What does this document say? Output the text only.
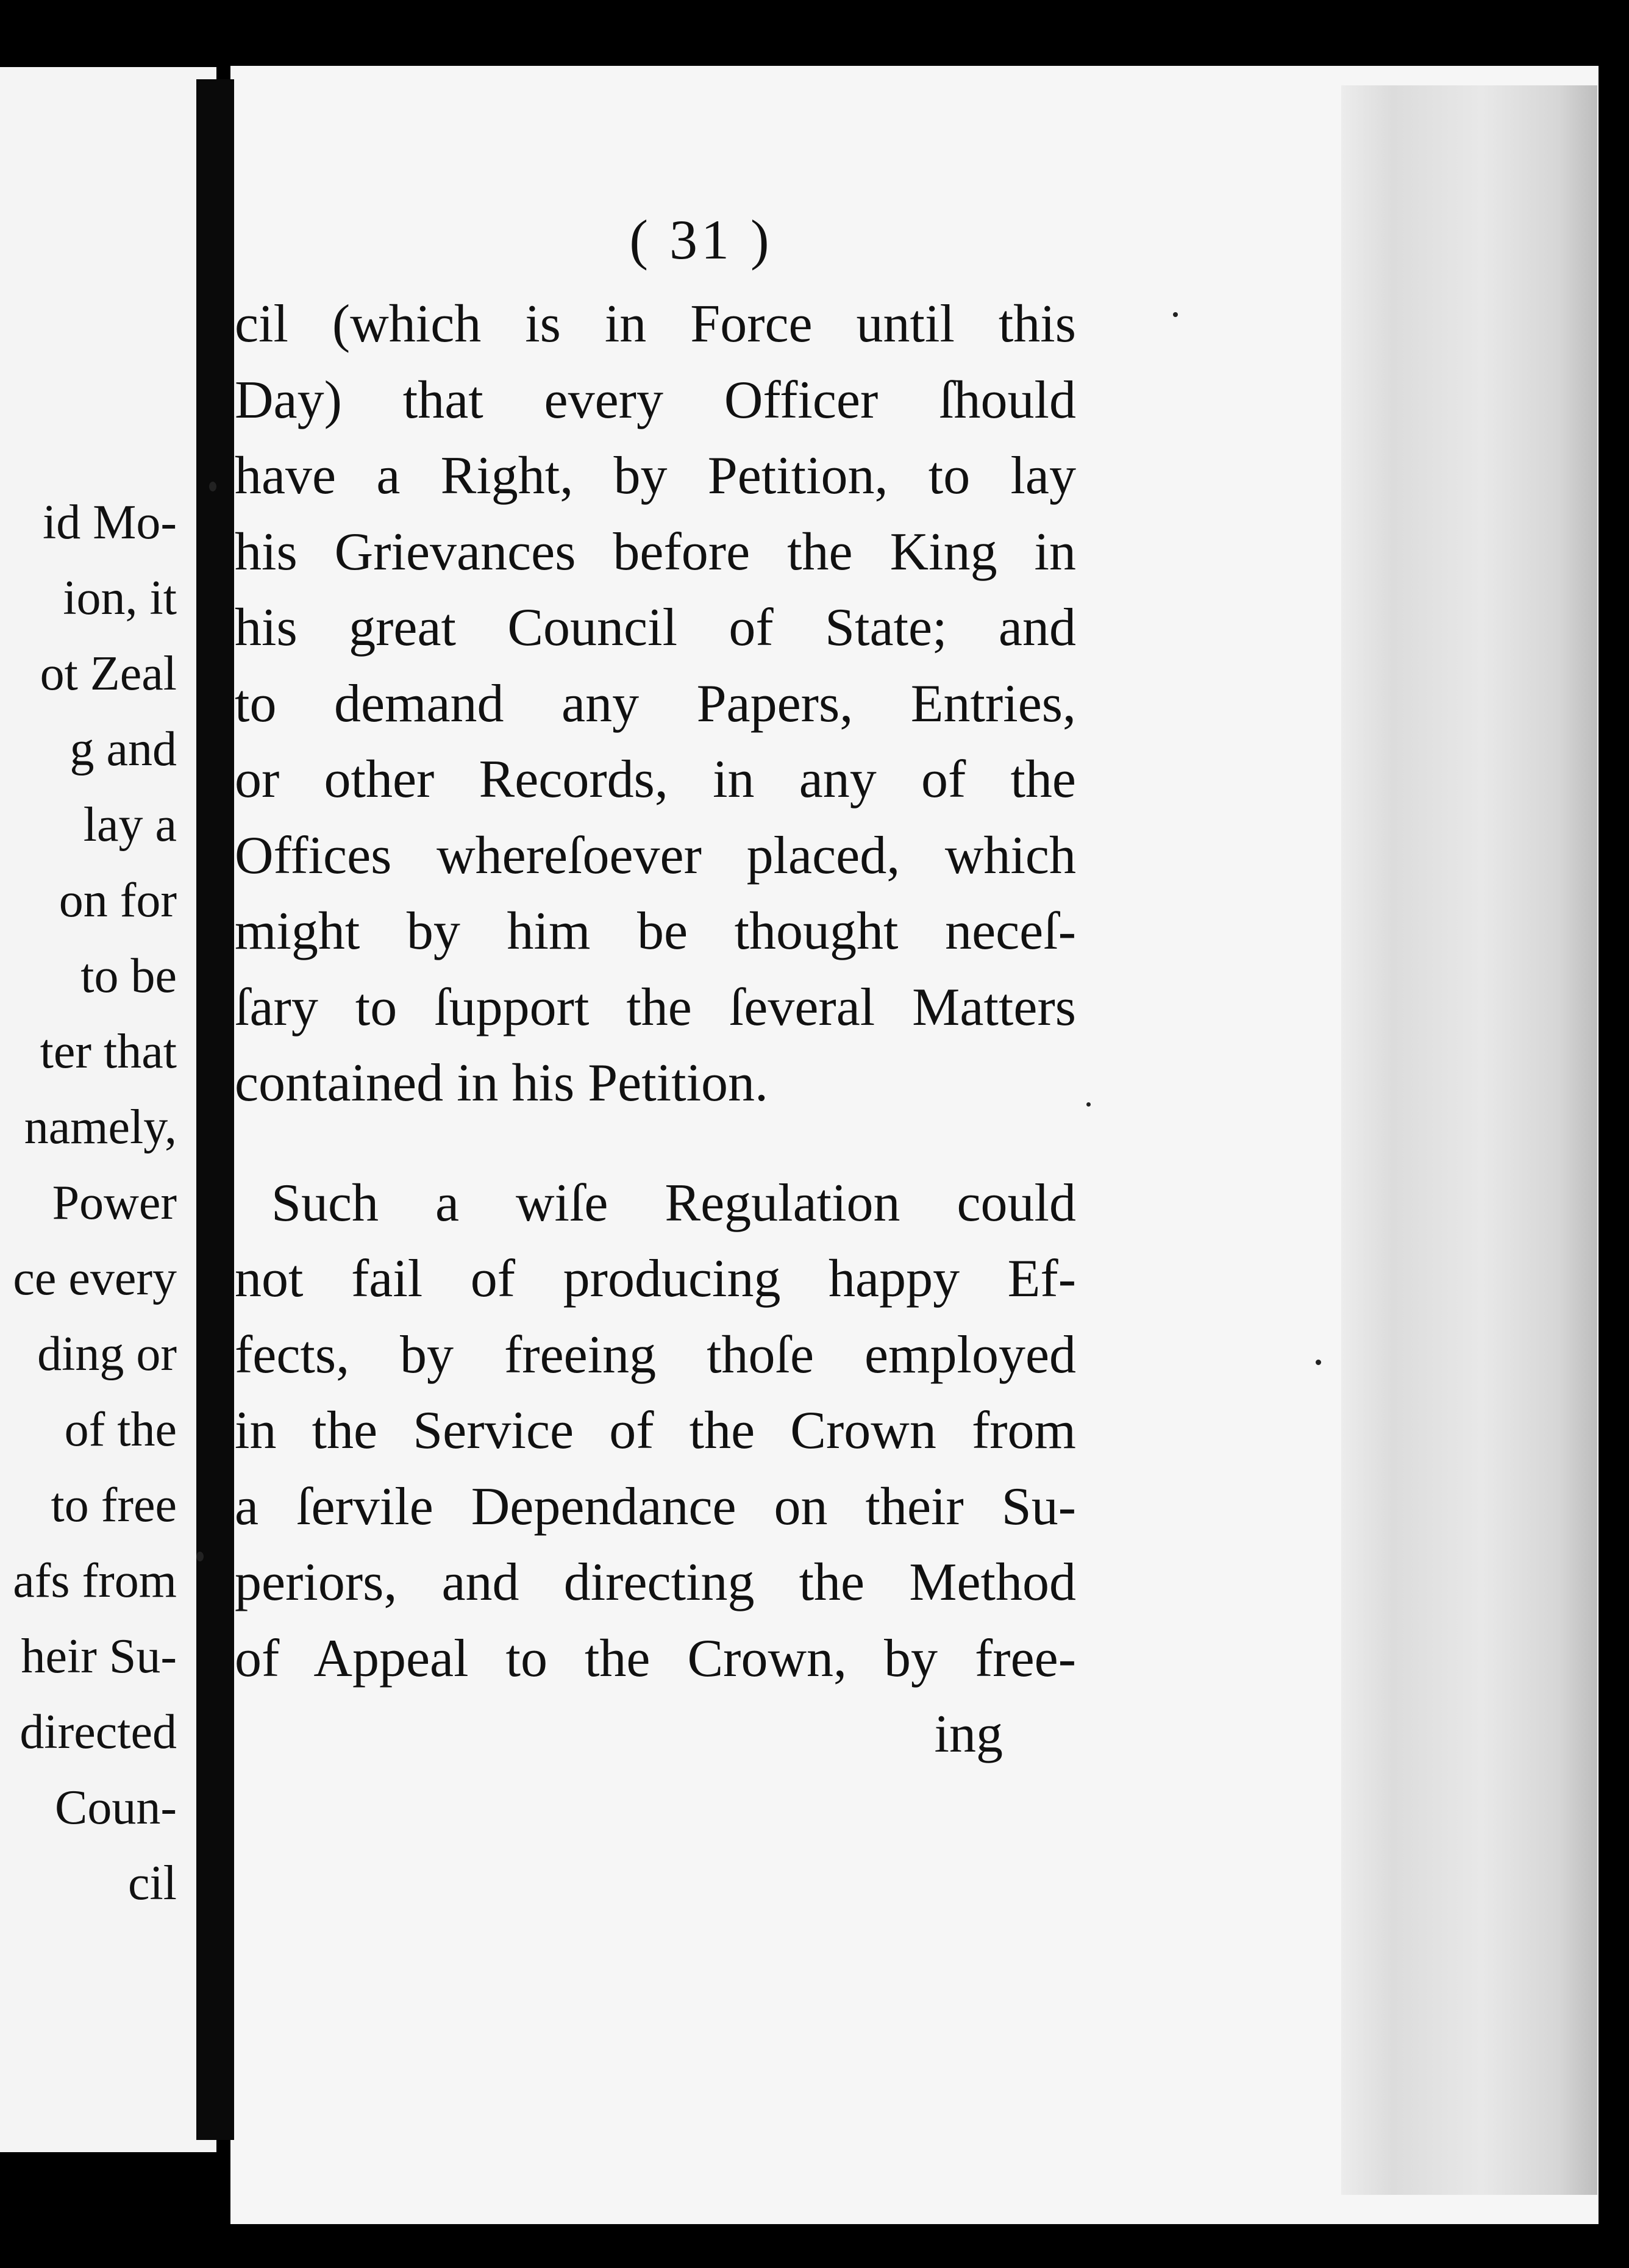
id Mo-
ion, it
ot Zeal
g and
lay a
on for
to be
ter that
namely,
Power
ce every
ding or
of the
to free
afs from
heir Su-
directed
Coun-
cil
( 31 )
cil (which is in Force until this
Day) that every Officer ſhould
have a Right, by Petition, to lay
his Grievances before the King in
his great Council of State; and
to demand any Papers, Entries,
or other Records, in any of the
Offices whereſoever placed, which
might by him be thought neceſ-
ſary to ſupport the ſeveral Matters
contained in his Petition.
Such a wiſe Regulation could
not fail of producing happy Ef-
fects, by freeing thoſe employed
in the Service of the Crown from
a ſervile Dependance on their Su-
periors, and directing the Method
of Appeal to the Crown, by free-
ing
